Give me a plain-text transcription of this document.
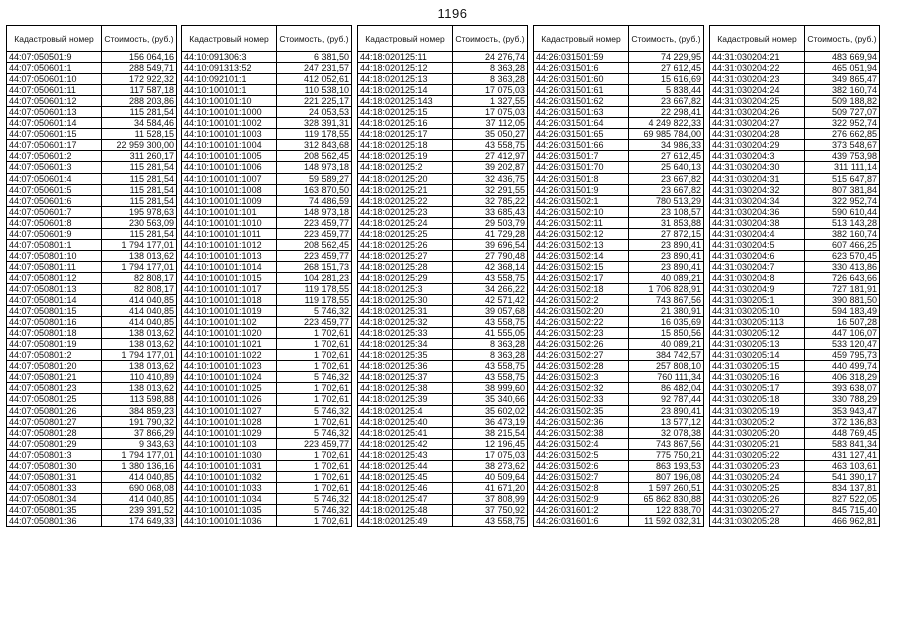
1196
Кадастровый номер	Стоимость, (руб.)
44:07:050501:9	156 064,16
44:07:050601:1	288 549,71
44:07:050601:10	172 922,32
44:07:050601:11	117 587,18
44:07:050601:12	288 203,86
44:07:050601:13	115 281,54
44:07:050601:14	34 584,46
44:07:050601:15	11 528,15
44:07:050601:17	22 959 300,00
44:07:050601:2	311 260,17
44:07:050601:3	115 281,54
44:07:050601:4	115 281,54
44:07:050601:5	115 281,54
44:07:050601:6	115 281,54
44:07:050601:7	195 978,63
44:07:050601:8	230 563,09
44:07:050601:9	115 281,54
44:07:050801:1	1 794 177,01
44:07:050801:10	138 013,62
44:07:050801:11	1 794 177,01
44:07:050801:12	82 808,17
44:07:050801:13	82 808,17
44:07:050801:14	414 040,85
44:07:050801:15	414 040,85
44:07:050801:16	414 040,85
44:07:050801:18	138 013,62
44:07:050801:19	138 013,62
44:07:050801:2	1 794 177,01
44:07:050801:20	138 013,62
44:07:050801:21	110 410,89
44:07:050801:23	138 013,62
44:07:050801:25	113 598,88
44:07:050801:26	384 859,23
44:07:050801:27	191 790,32
44:07:050801:28	37 866,29
44:07:050801:29	9 343,63
44:07:050801:3	1 794 177,01
44:07:050801:30	1 380 136,16
44:07:050801:31	414 040,85
44:07:050801:33	690 068,08
44:07:050801:34	414 040,85
44:07:050801:35	239 391,52
44:07:050801:36	174 649,33
Кадастровый номер	Стоимость, (руб.)
44:10:091306:3	6 381,50
44:10:091313:52	247 231,57
44:10:092101:1	412 052,61
44:10:100101:1	110 538,10
44:10:100101:10	221 225,17
44:10:100101:1000	24 053,53
44:10:100101:1002	328 391,31
44:10:100101:1003	119 178,55
44:10:100101:1004	312 843,68
44:10:100101:1005	208 562,45
44:10:100101:1006	148 973,18
44:10:100101:1007	59 589,27
44:10:100101:1008	163 870,50
44:10:100101:1009	74 486,59
44:10:100101:101	148 973,18
44:10:100101:1010	223 459,77
44:10:100101:1011	223 459,77
44:10:100101:1012	208 562,45
44:10:100101:1013	223 459,77
44:10:100101:1014	268 151,73
44:10:100101:1015	104 281,23
44:10:100101:1017	119 178,55
44:10:100101:1018	119 178,55
44:10:100101:1019	5 746,32
44:10:100101:102	223 459,77
44:10:100101:1020	1 702,61
44:10:100101:1021	1 702,61
44:10:100101:1022	1 702,61
44:10:100101:1023	1 702,61
44:10:100101:1024	5 746,32
44:10:100101:1025	1 702,61
44:10:100101:1026	1 702,61
44:10:100101:1027	5 746,32
44:10:100101:1028	1 702,61
44:10:100101:1029	5 746,32
44:10:100101:103	223 459,77
44:10:100101:1030	1 702,61
44:10:100101:1031	1 702,61
44:10:100101:1032	1 702,61
44:10:100101:1033	1 702,61
44:10:100101:1034	5 746,32
44:10:100101:1035	5 746,32
44:10:100101:1036	1 702,61
Кадастровый номер	Стоимость, (руб.)
44:18:020125:11	24 276,74
44:18:020125:12	8 363,28
44:18:020125:13	8 363,28
44:18:020125:14	17 075,03
44:18:020125:143	1 327,55
44:18:020125:15	17 075,03
44:18:020125:16	37 112,05
44:18:020125:17	35 050,27
44:18:020125:18	43 558,75
44:18:020125:19	27 412,97
44:18:020125:2	39 202,87
44:18:020125:20	32 436,75
44:18:020125:21	32 291,55
44:18:020125:22	32 785,22
44:18:020125:23	33 685,43
44:18:020125:24	29 503,79
44:18:020125:25	41 729,28
44:18:020125:26	39 696,54
44:18:020125:27	27 790,48
44:18:020125:28	42 368,14
44:18:020125:29	43 558,75
44:18:020125:3	34 266,22
44:18:020125:30	42 571,42
44:18:020125:31	39 057,68
44:18:020125:32	43 558,75
44:18:020125:33	41 555,05
44:18:020125:34	8 363,28
44:18:020125:35	8 363,28
44:18:020125:36	43 558,75
44:18:020125:37	43 558,75
44:18:020125:38	38 999,60
44:18:020125:39	35 340,66
44:18:020125:4	35 602,02
44:18:020125:40	36 473,19
44:18:020125:41	38 215,54
44:18:020125:42	12 196,45
44:18:020125:43	17 075,03
44:18:020125:44	38 273,62
44:18:020125:45	40 509,64
44:18:020125:46	41 671,20
44:18:020125:47	37 808,99
44:18:020125:48	37 750,92
44:18:020125:49	43 558,75
Кадастровый номер	Стоимость, (руб.)
44:26:031501:59	74 229,95
44:26:031501:6	27 612,45
44:26:031501:60	15 616,69
44:26:031501:61	5 838,44
44:26:031501:62	23 667,82
44:26:031501:63	22 298,41
44:26:031501:64	4 249 822,33
44:26:031501:65	69 985 784,00
44:26:031501:66	34 986,33
44:26:031501:7	27 612,45
44:26:031501:70	25 640,13
44:26:031501:8	23 667,82
44:26:031501:9	23 667,82
44:26:031502:1	780 513,29
44:26:031502:10	23 108,57
44:26:031502:11	31 853,88
44:26:031502:12	27 872,15
44:26:031502:13	23 890,41
44:26:031502:14	23 890,41
44:26:031502:15	23 890,41
44:26:031502:17	40 089,21
44:26:031502:18	1 706 828,91
44:26:031502:2	743 867,56
44:26:031502:20	21 380,91
44:26:031502:22	16 035,69
44:26:031502:23	15 850,56
44:26:031502:26	40 089,21
44:26:031502:27	384 742,57
44:26:031502:28	257 808,10
44:26:031502:3	760 111,34
44:26:031502:32	86 482,04
44:26:031502:33	92 787,44
44:26:031502:35	23 890,41
44:26:031502:36	13 577,12
44:26:031502:38	32 078,38
44:26:031502:4	743 867,56
44:26:031502:5	775 750,21
44:26:031502:6	863 193,53
44:26:031502:7	807 196,08
44:26:031502:8	1 597 260,51
44:26:031502:9	65 862 830,88
44:26:031601:2	122 838,70
44:26:031601:6	11 592 032,31
Кадастровый номер	Стоимость, (руб.)
44:31:030204:21	483 669,94
44:31:030204:22	465 051,94
44:31:030204:23	349 865,47
44:31:030204:24	382 160,74
44:31:030204:25	509 188,82
44:31:030204:26	509 727,07
44:31:030204:27	322 952,74
44:31:030204:28	276 662,85
44:31:030204:29	373 548,67
44:31:030204:3	439 753,98
44:31:030204:30	311 111,14
44:31:030204:31	515 647,87
44:31:030204:32	807 381,84
44:31:030204:34	322 952,74
44:31:030204:36	590 610,44
44:31:030204:38	513 143,28
44:31:030204:4	382 160,74
44:31:030204:5	607 466,25
44:31:030204:6	623 570,45
44:31:030204:7	330 413,86
44:31:030204:8	726 643,66
44:31:030204:9	727 181,91
44:31:030205:1	390 881,50
44:31:030205:10	594 183,49
44:31:030205:113	16 507,28
44:31:030205:12	447 106,07
44:31:030205:13	533 120,47
44:31:030205:14	459 795,73
44:31:030205:15	440 499,74
44:31:030205:16	406 318,29
44:31:030205:17	393 638,07
44:31:030205:18	330 788,29
44:31:030205:19	353 943,47
44:31:030205:2	372 136,83
44:31:030205:20	448 769,45
44:31:030205:21	583 841,34
44:31:030205:22	431 127,41
44:31:030205:23	463 103,61
44:31:030205:24	541 390,17
44:31:030205:25	834 137,81
44:31:030205:26	827 522,05
44:31:030205:27	845 715,40
44:31:030205:28	466 962,81
